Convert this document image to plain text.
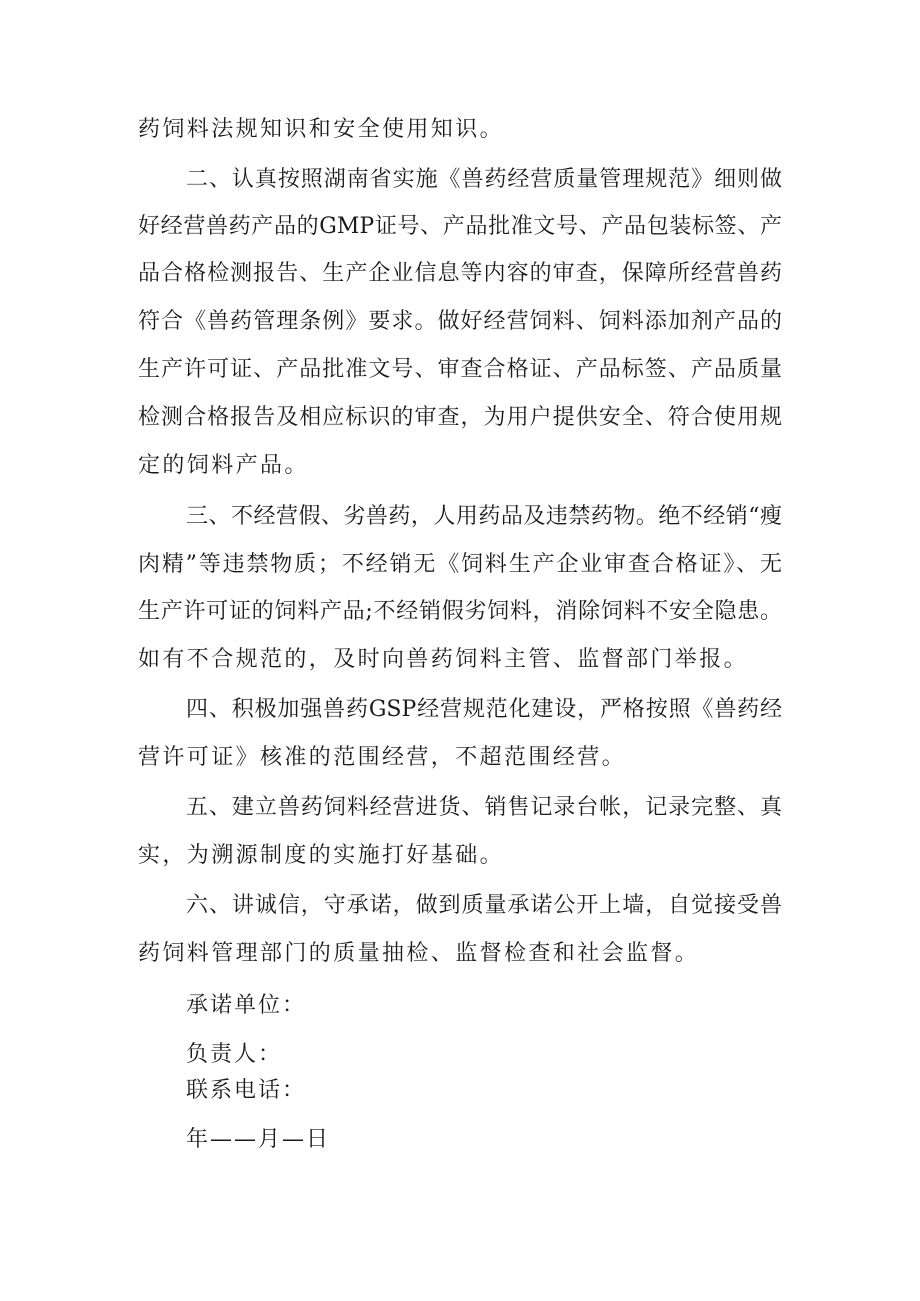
药饲料法规知识和安全使用知识。
二、认真按照湖南省实施《兽药经营质量管理规范》细则做
好经营兽药产品的GMP证号、产品批准文号、产品包装标签、产
品合格检测报告、生产企业信息等内容的审查，保障所经营兽药
符合《兽药管理条例》要求。做好经营饲料、饲料添加剂产品的
生产许可证、产品批准文号、审查合格证、产品标签、产品质量
检测合格报告及相应标识的审查，为用户提供安全、符合使用规
定的饲料产品。
三、不经营假、劣兽药，人用药品及违禁药物。绝不经销“瘦
肉精”等违禁物质；不经销无《饲料生产企业审查合格证》、无
生产许可证的饲料产品;不经销假劣饲料，消除饲料不安全隐患。
如有不合规范的，及时向兽药饲料主管、监督部门举报。
四、积极加强兽药GSP经营规范化建设，严格按照《兽药经
营许可证》核准的范围经营，不超范围经营。
五、建立兽药饲料经营进货、销售记录台帐，记录完整、真
实，为溯源制度的实施打好基础。
六、讲诚信，守承诺，做到质量承诺公开上墙，自觉接受兽
药饲料管理部门的质量抽检、监督检查和社会监督。
承诺单位：
负责人：
联系电话：
年——月—日
